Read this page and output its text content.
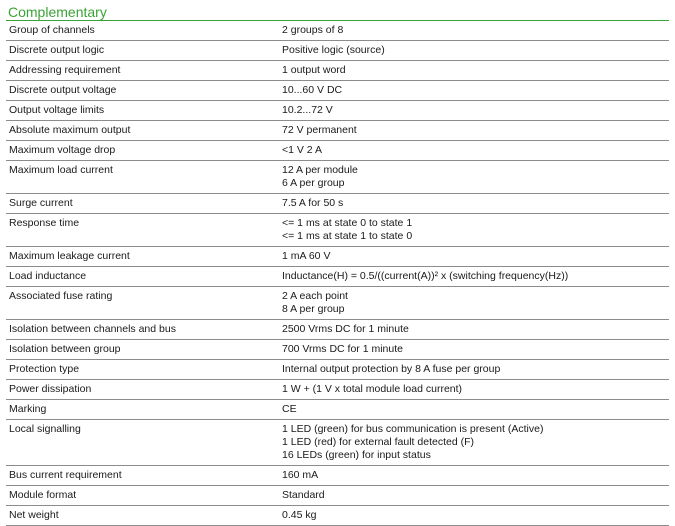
Complementary
Group of channels	2 groups of 8
Discrete output logic	Positive logic (source)
Addressing requirement	1 output word
Discrete output voltage	10...60 V DC
Output voltage limits	10.2...72 V
Absolute maximum output	72 V permanent
Maximum voltage drop	<1 V 2 A
Maximum load current	12 A per module
6 A per group
Surge current	7.5 A for 50 s
Response time	<= 1 ms at state 0 to state 1
<= 1 ms at state 1 to state 0
Maximum leakage current	1 mA 60 V
Load inductance	Inductance(H) = 0.5/((current(A))² x (switching frequency(Hz))
Associated fuse rating	2 A each point
8 A per group
Isolation between channels and bus	2500 Vrms DC for 1 minute
Isolation between group	700 Vrms DC for 1 minute
Protection type	Internal output protection by 8 A fuse per group
Power dissipation	1 W + (1 V x total module load current)
Marking	CE
Local signalling	1 LED (green) for bus communication is present (Active)
1 LED (red) for external fault detected (F)
16 LEDs (green) for input status
Bus current requirement	160 mA
Module format	Standard
Net weight	0.45 kg
